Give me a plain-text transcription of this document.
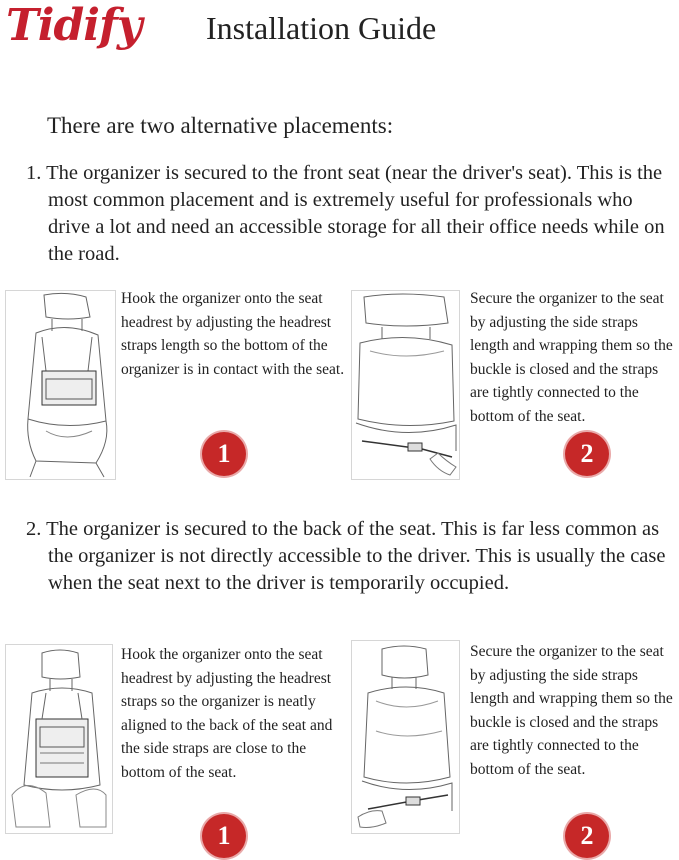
Tidify Installation Guide
There are two alternative placements:
1. The organizer is secured to the front seat (near the driver's seat). This is the most common placement and is extremely useful for professionals who drive a lot and need an accessible storage for all their office needs while on the road.
Hook the organizer onto the seat headrest by adjusting the headrest straps length so the bottom of the organizer is in contact with the seat.
1
Secure the organizer to the seat by adjusting the side straps length and wrapping them so the buckle is closed and the straps are tightly connected to the bottom of the seat.
2
2. The organizer is secured to the back of the seat. This is far less common as the organizer is not directly accessible to the driver. This is usually the case when the seat next to the driver is temporarily occupied.
Hook the organizer onto the seat headrest by adjusting the headrest straps so the organizer is neatly aligned to the back of the seat and the side straps are close to the bottom of the seat.
1
Secure the organizer to the seat by adjusting the side straps length and wrapping them so the buckle is closed and the straps are tightly connected to the bottom of the seat.
2
